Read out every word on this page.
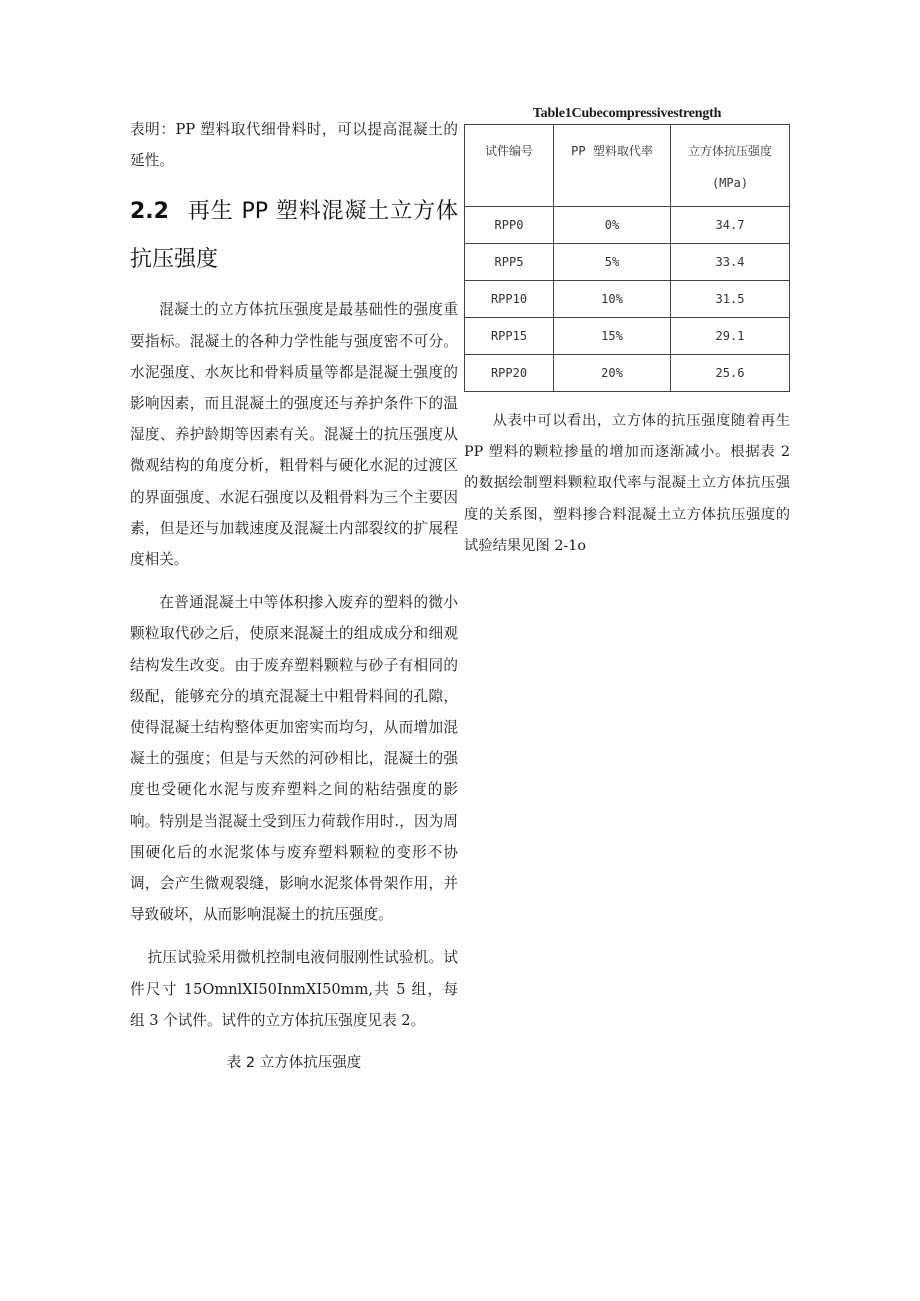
表明：PP 塑料取代细骨料时，可以提高混凝土的延性。

2.2 再生 PP 塑料混凝土立方体抗压强度

混凝土的立方体抗压强度是最基础性的强度重要指标。混凝土的各种力学性能与强度密不可分。水泥强度、水灰比和骨料质量等都是混凝土强度的影响因素，而且混凝土的强度还与养护条件下的温湿度、养护龄期等因素有关。混凝土的抗压强度从微观结构的角度分析，粗骨料与硬化水泥的过渡区的界面强度、水泥石强度以及粗骨料为三个主要因素，但是还与加载速度及混凝土内部裂纹的扩展程度相关。

在普通混凝土中等体积掺入废弃的塑料的微小颗粒取代砂之后，使原来混凝土的组成成分和细观结构发生改变。由于废弃塑料颗粒与砂子有相同的级配，能够充分的填充混凝土中粗骨料间的孔隙，使得混凝土结构整体更加密实而均匀，从而增加混凝土的强度；但是与天然的河砂相比，混凝土的强度也受硬化水泥与废弃塑料之间的粘结强度的影响。特别是当混凝土受到压力荷载作用时.，因为周围硬化后的水泥浆体与废弃塑料颗粒的变形不协调，会产生微观裂缝，影响水泥浆体骨架作用，并导致破坏，从而影响混凝土的抗压强度。

抗压试验采用微机控制电液伺服刚性试验机。试件尺寸 15OmnlXI50InmXI50mm,共 5 组，每组 3 个试件。试件的立方体抗压强度见表 2。

表 2 立方体抗压强度
Table1Cubecompressivestrength
试件编号	PP 塑料取代率	立方体抗压强度
(MPa)
RPP0	0%	34.7
RPP5	5%	33.4
RPP10	10%	31.5
RPP15	15%	29.1
RPP20	20%	25.6

从表中可以看出，立方体的抗压强度随着再生 PP 塑料的颗粒掺量的增加而逐渐减小。根据表 2 的数据绘制塑料颗粒取代率与混凝土立方体抗压强度的关系图，塑料掺合料混凝土立方体抗压强度的试验结果见图 2-1o
